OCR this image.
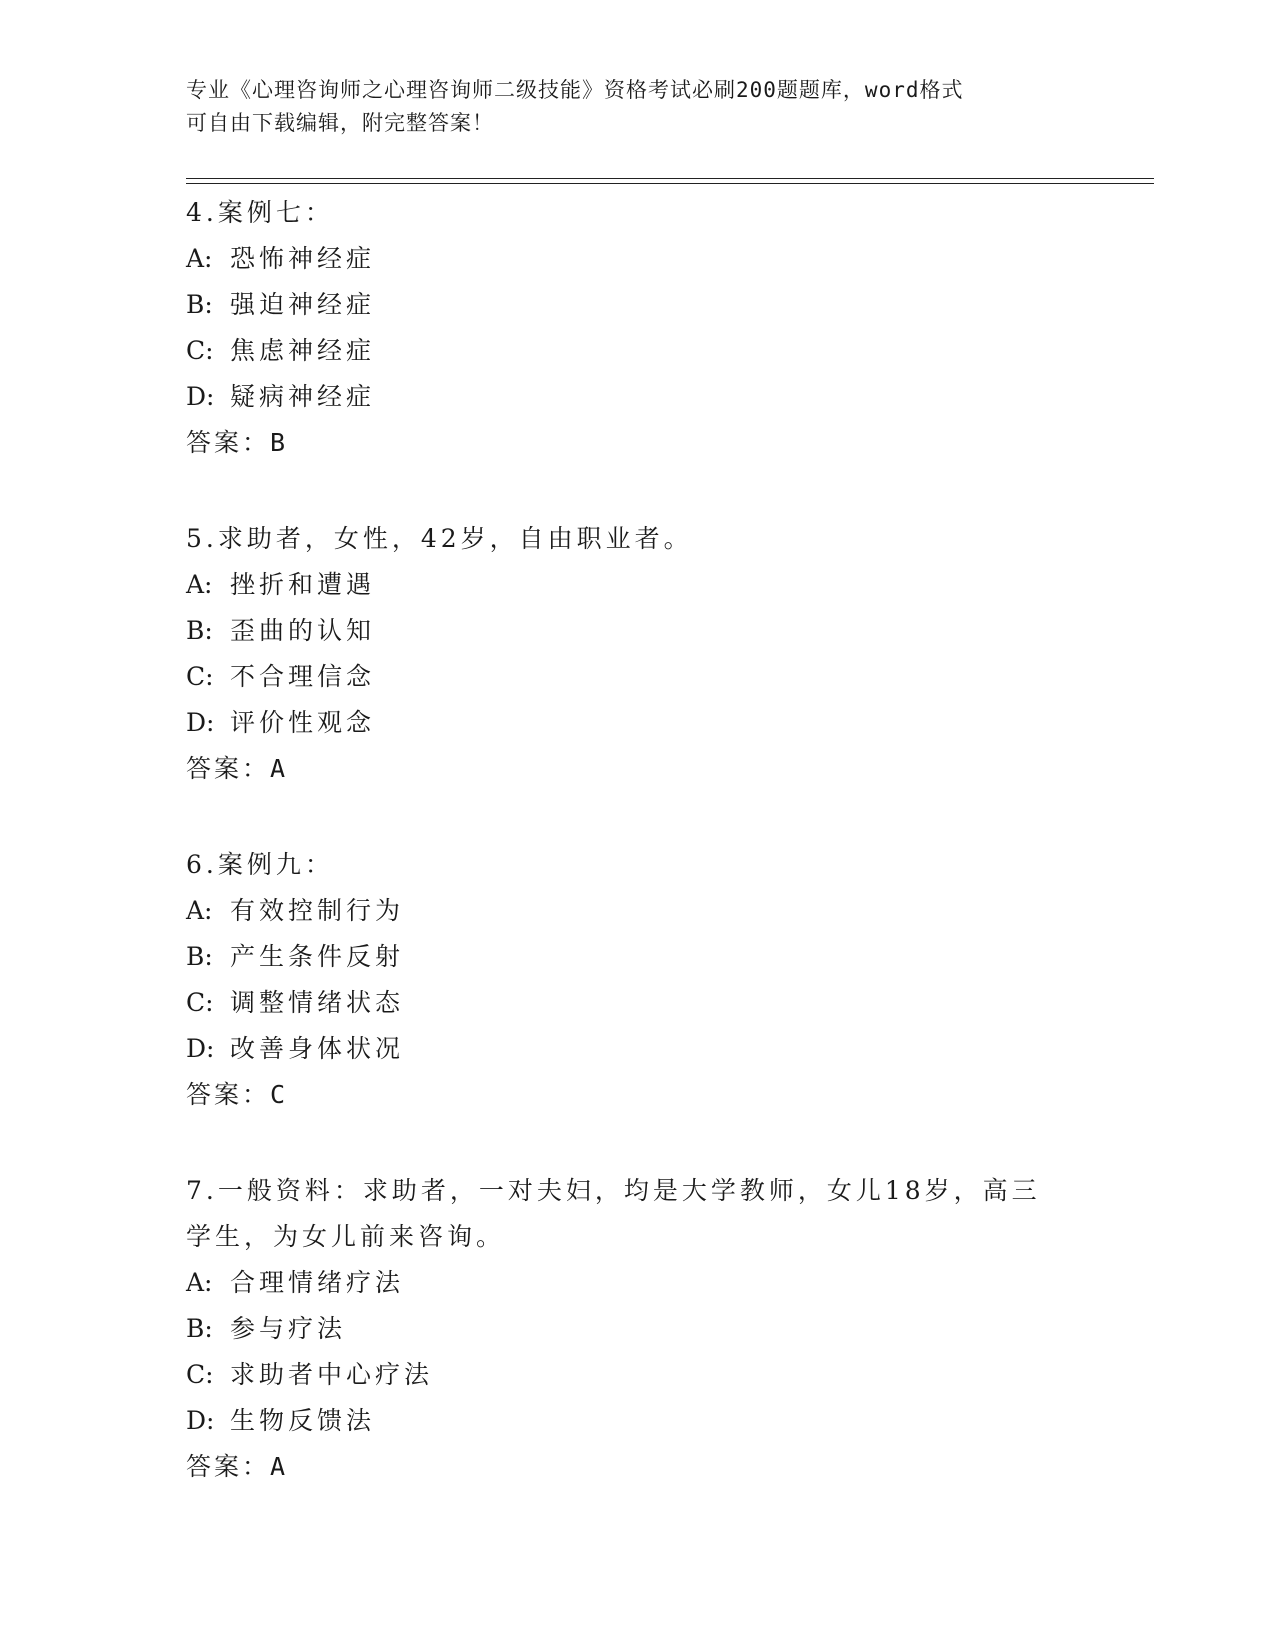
专业《心理咨询师之心理咨询师二级技能》资格考试必刷200题题库，word格式
可自由下载编辑，附完整答案！
4.案例七：
A: 恐怖神经症
B: 强迫神经症
C: 焦虑神经症
D: 疑病神经症
答案：B
5.求助者，女性，42岁，自由职业者。
A: 挫折和遭遇
B: 歪曲的认知
C: 不合理信念
D: 评价性观念
答案：A
6.案例九：
A: 有效控制行为
B: 产生条件反射
C: 调整情绪状态
D: 改善身体状况
答案：C
7.一般资料：求助者，一对夫妇，均是大学教师，女儿18岁，高三学生，为女儿前来咨询。
A: 合理情绪疗法
B: 参与疗法
C: 求助者中心疗法
D: 生物反馈法
答案：A
